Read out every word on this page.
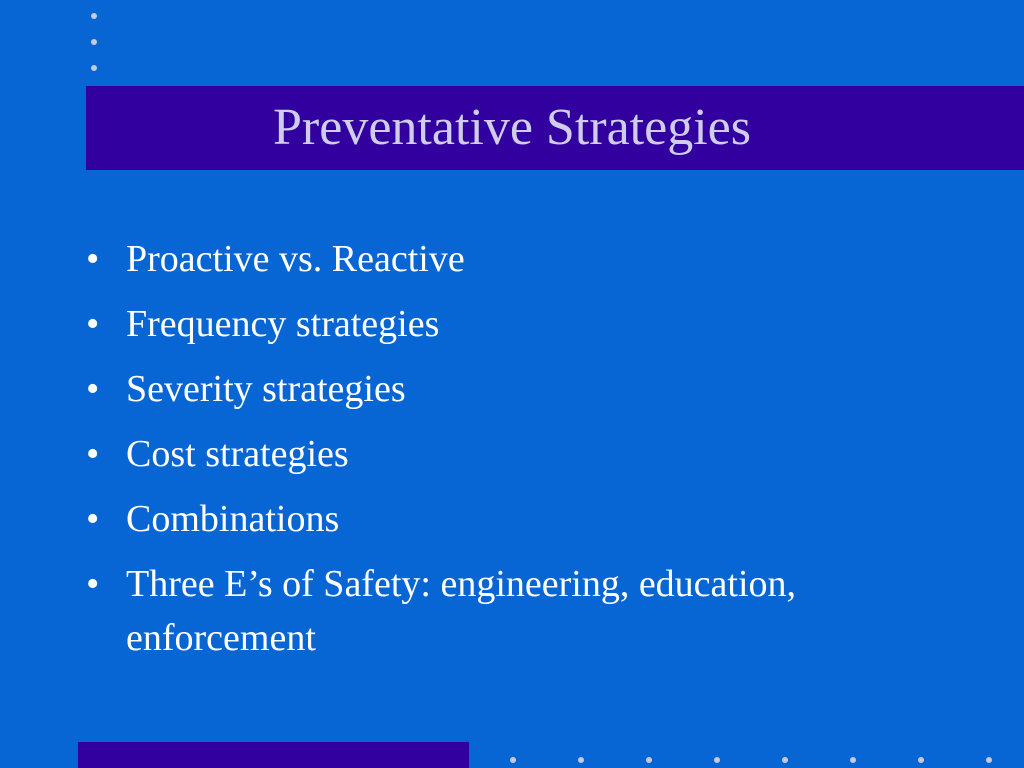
Preventative Strategies
• Proactive vs. Reactive
• Frequency strategies
• Severity strategies
• Cost strategies
• Combinations
• Three E’s of Safety: engineering, education, enforcement
